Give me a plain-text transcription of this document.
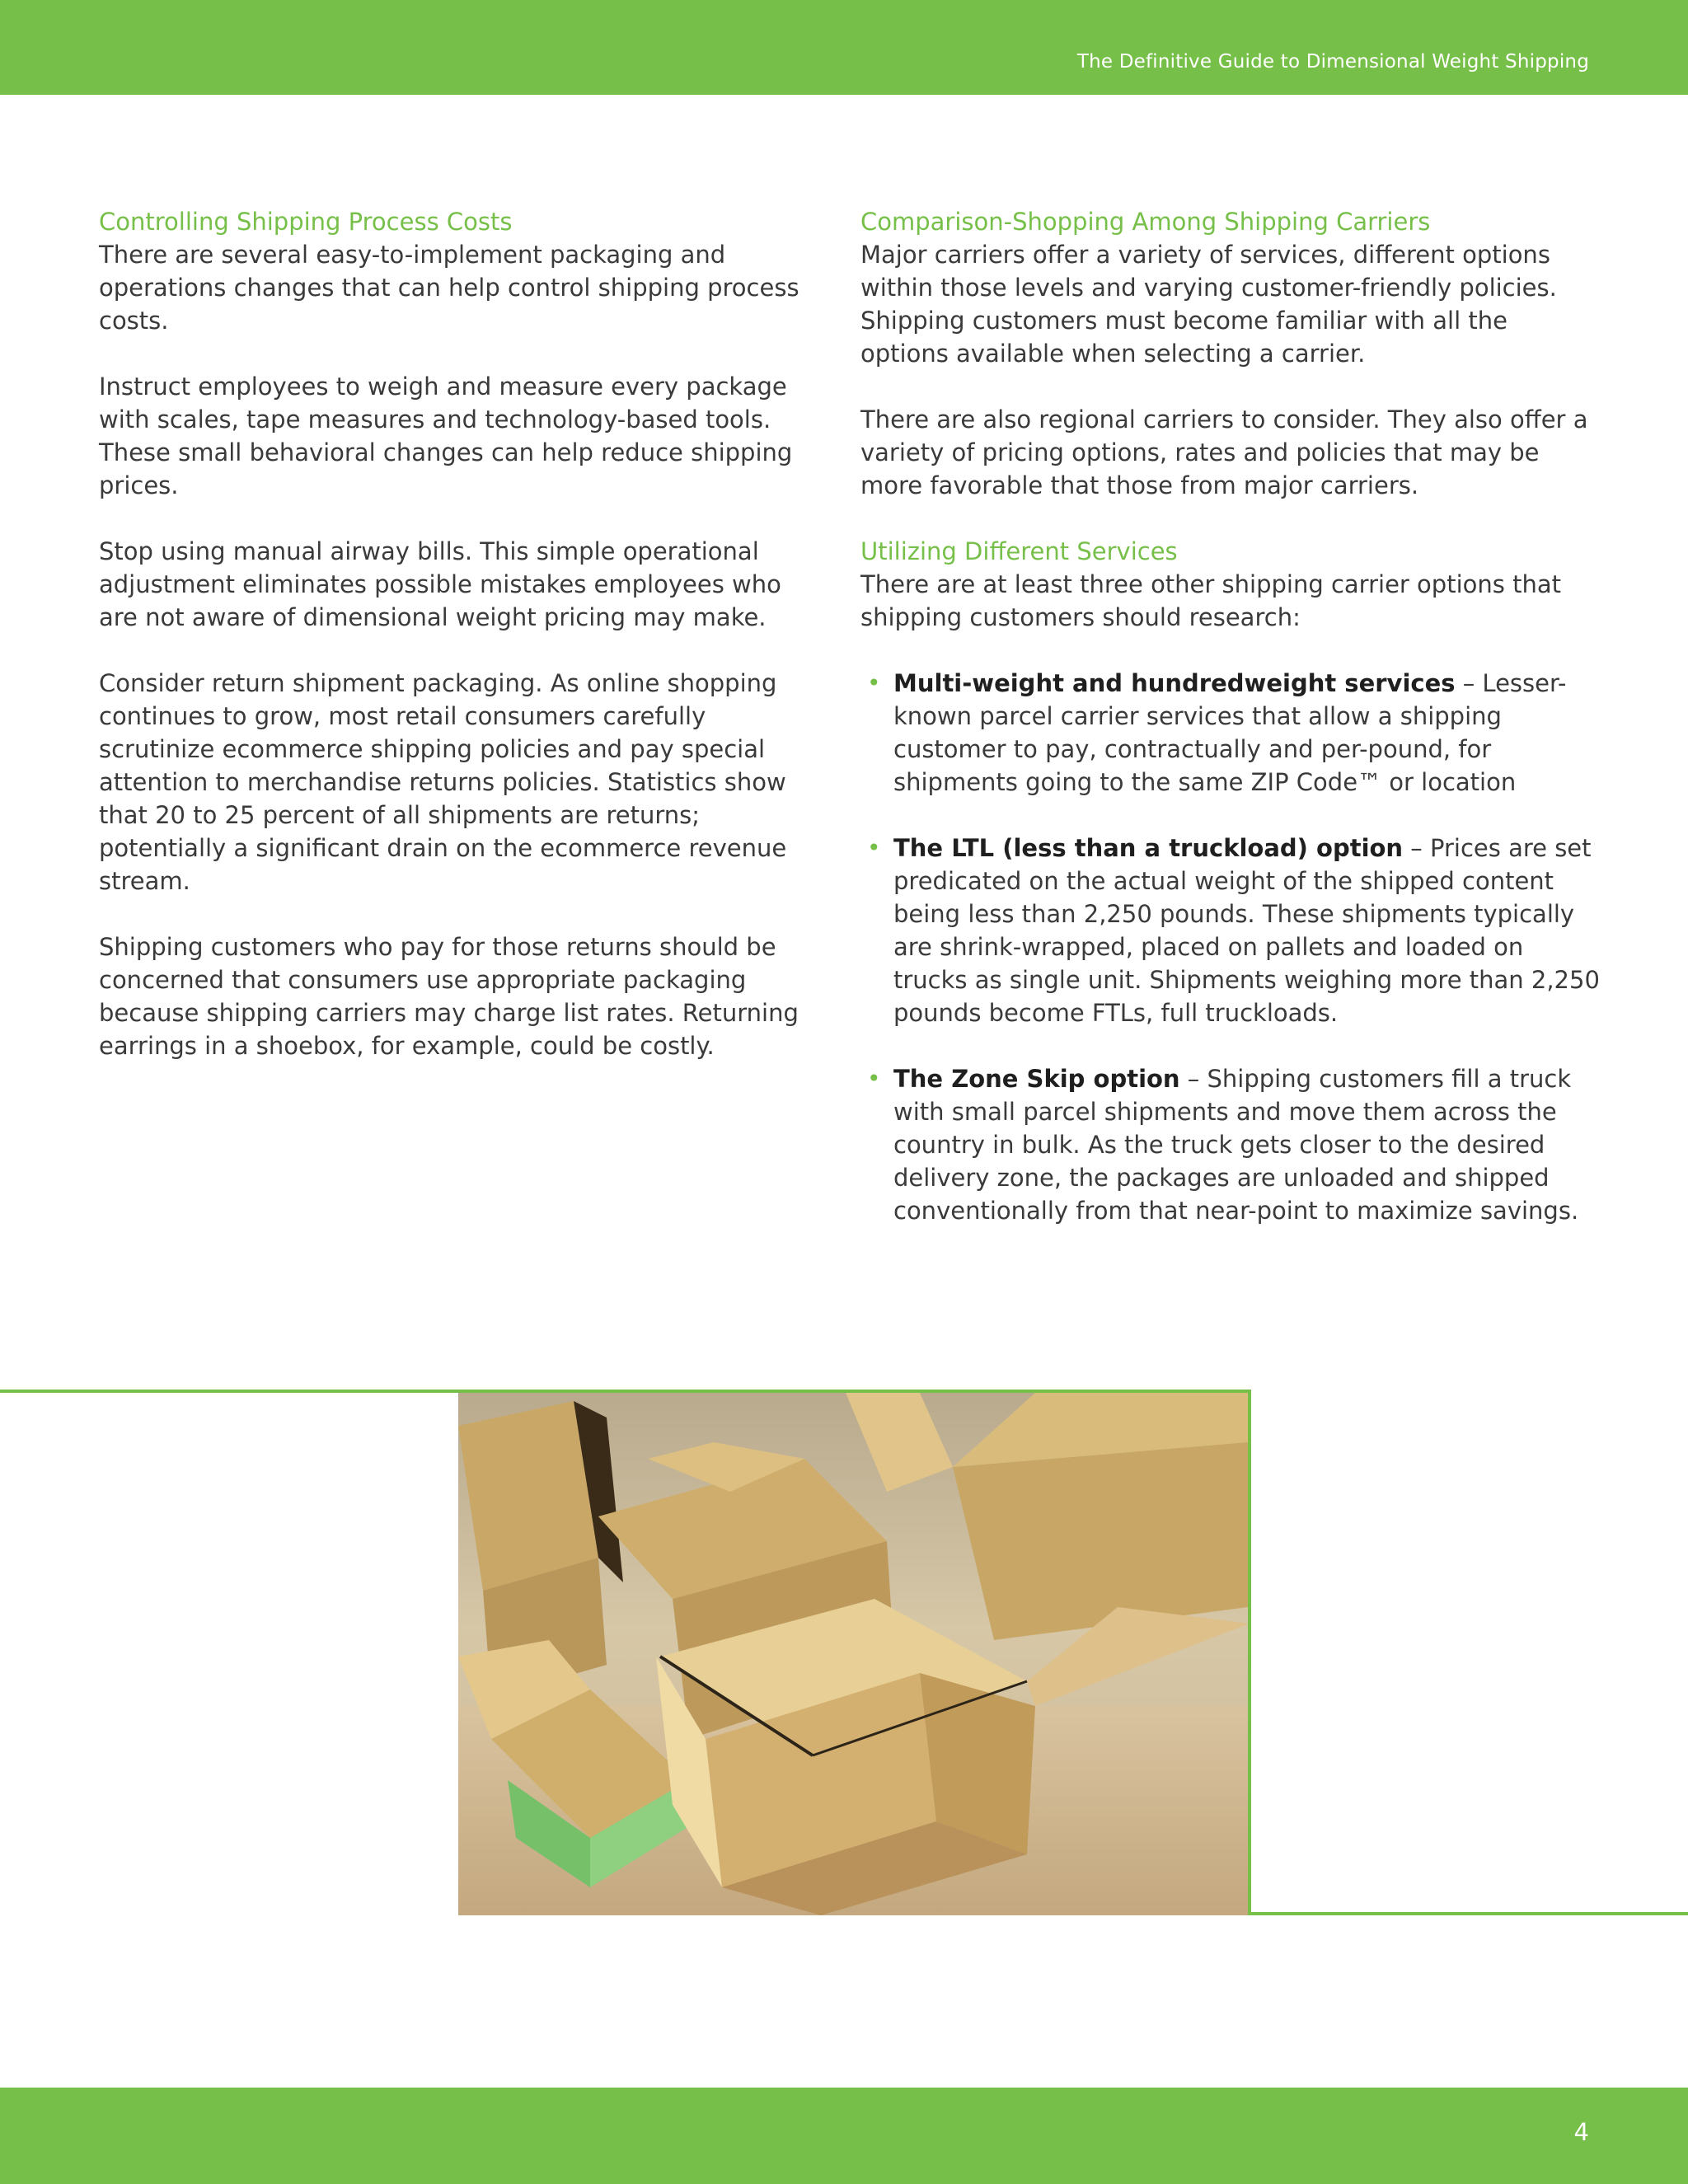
The Definitive Guide to Dimensional Weight Shipping

Controlling Shipping Process Costs

There are several easy-to-implement packaging and operations changes that can help control shipping process costs.

Instruct employees to weigh and measure every package with scales, tape measures and technology-based tools. These small behavioral changes can help reduce shipping prices.

Stop using manual airway bills. This simple operational adjustment eliminates possible mistakes employees who are not aware of dimensional weight pricing may make.

Consider return shipment packaging. As online shopping continues to grow, most retail consumers carefully scrutinize ecommerce shipping policies and pay special attention to merchandise returns policies. Statistics show that 20 to 25 percent of all shipments are returns; potentially a significant drain on the ecommerce revenue stream.

Shipping customers who pay for those returns should be concerned that consumers use appropriate packaging because shipping carriers may charge list rates. Returning earrings in a shoebox, for example, could be costly.

Comparison-Shopping Among Shipping Carriers

Major carriers offer a variety of services, different options within those levels and varying customer-friendly policies. Shipping customers must become familiar with all the options available when selecting a carrier.

There are also regional carriers to consider. They also offer a variety of pricing options, rates and policies that may be more favorable that those from major carriers.

Utilizing Different Services

There are at least three other shipping carrier options that shipping customers should research:

• Multi-weight and hundredweight services – Lesser-known parcel carrier services that allow a shipping customer to pay, contractually and per-pound, for shipments going to the same ZIP Code™ or location
• The LTL (less than a truckload) option – Prices are set predicated on the actual weight of the shipped content being less than 2,250 pounds. These shipments typically are shrink-wrapped, placed on pallets and loaded on trucks as single unit. Shipments weighing more than 2,250 pounds become FTLs, full truckloads.
• The Zone Skip option – Shipping customers fill a truck with small parcel shipments and move them across the country in bulk. As the truck gets closer to the desired delivery zone, the packages are unloaded and shipped conventionally from that near-point to maximize savings.
4
